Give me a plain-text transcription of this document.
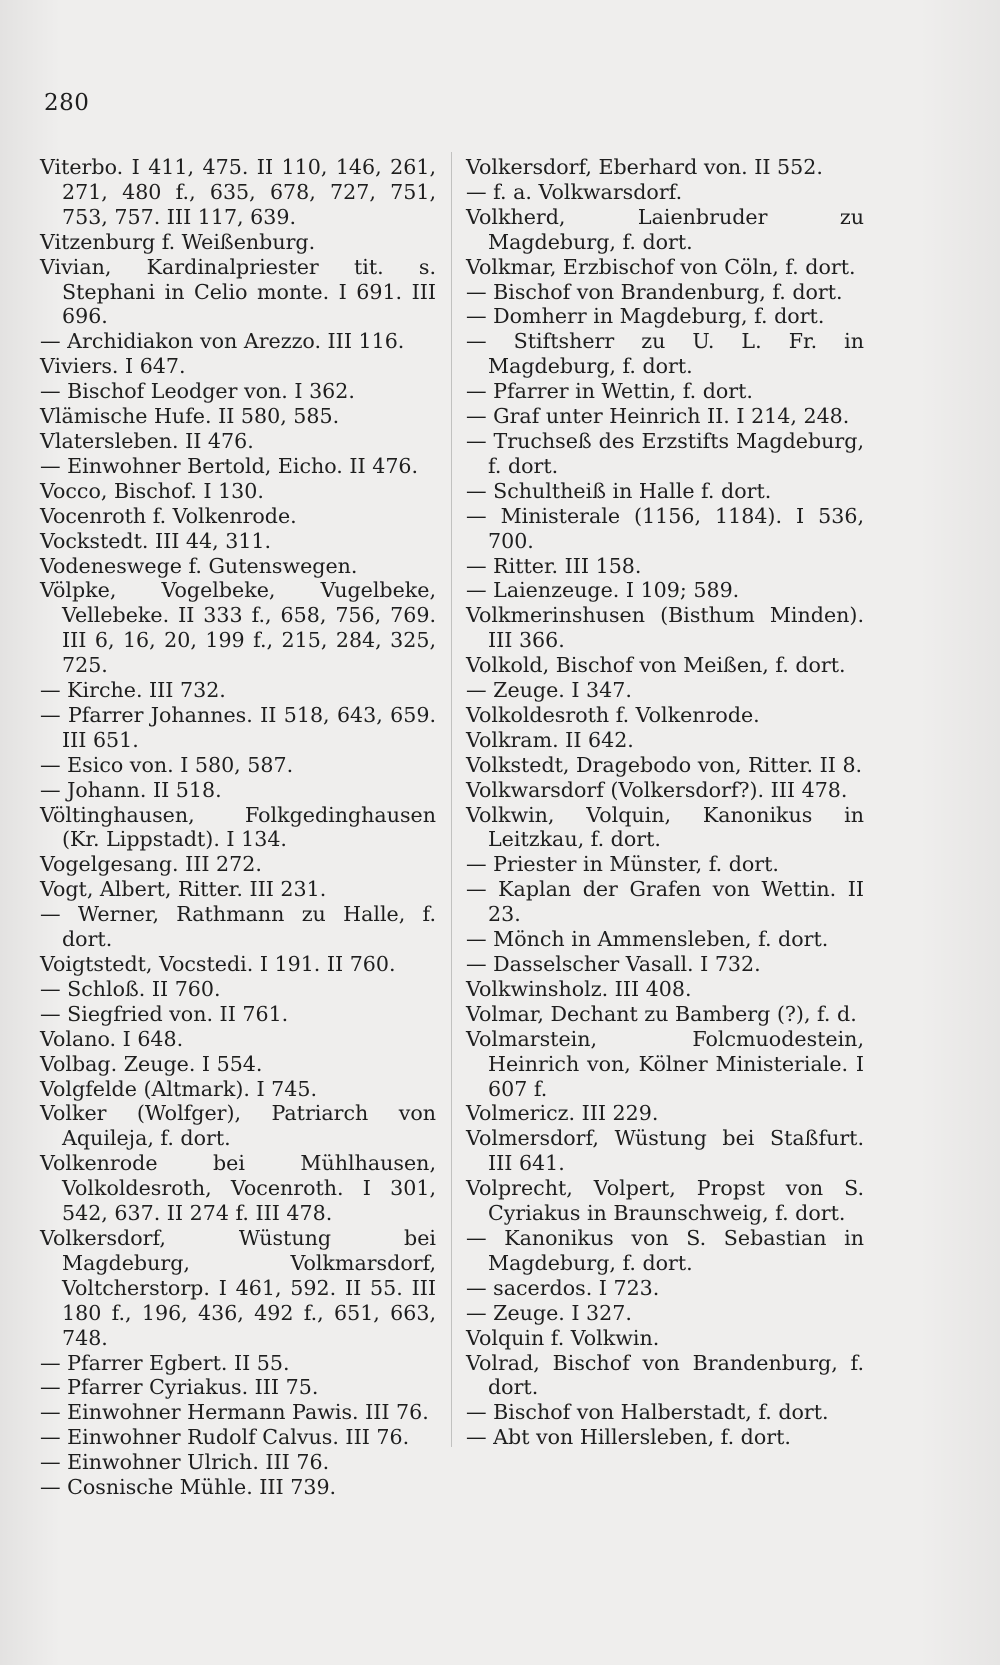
280

Viterbo. I 411, 475. II 110, 146, 261, 271, 480 f., 635, 678, 727, 751, 753, 757. III 117, 639.

Vitzenburg f. Weißenburg.

Vivian, Kardinalpriester tit. s. Stephani in Celio monte. I 691. III 696.

— Archidiakon von Arezzo. III 116.

Viviers. I 647.

— Bischof Leodger von. I 362.

Vlämische Hufe. II 580, 585.

Vlatersleben. II 476.

— Einwohner Bertold, Eicho. II 476.

Vocco, Bischof. I 130.

Vocenroth f. Volkenrode.

Vockstedt. III 44, 311.

Vodeneswege f. Gutenswegen.

Völpke, Vogelbeke, Vugelbeke, Vellebeke. II 333 f., 658, 756, 769. III 6, 16, 20, 199 f., 215, 284, 325, 725.

— Kirche. III 732.

— Pfarrer Johannes. II 518, 643, 659. III 651.

— Esico von. I 580, 587.

— Johann. II 518.

Völtinghausen, Folkgedinghausen (Kr. Lippstadt). I 134.

Vogelgesang. III 272.

Vogt, Albert, Ritter. III 231.

— Werner, Rathmann zu Halle, f. dort.

Voigtstedt, Vocstedi. I 191. II 760.

— Schloß. II 760.

— Siegfried von. II 761.

Volano. I 648.

Volbag. Zeuge. I 554.

Volgfelde (Altmark). I 745.

Volker (Wolfger), Patriarch von Aquileja, f. dort.

Volkenrode bei Mühlhausen, Volkoldesroth, Vocenroth. I 301, 542, 637. II 274 f. III 478.

Volkersdorf, Wüstung bei Magdeburg, Volkmarsdorf, Voltcherstorp. I 461, 592. II 55. III 180 f., 196, 436, 492 f., 651, 663, 748.

— Pfarrer Egbert. II 55.

— Pfarrer Cyriakus. III 75.

— Einwohner Hermann Pawis. III 76.

— Einwohner Rudolf Calvus. III 76.

— Einwohner Ulrich. III 76.

— Cosnische Mühle. III 739.

Volkersdorf, Eberhard von. II 552.

— f. a. Volkwarsdorf.

Volkherd, Laienbruder zu Magdeburg, f. dort.

Volkmar, Erzbischof von Cöln, f. dort.

— Bischof von Brandenburg, f. dort.

— Domherr in Magdeburg, f. dort.

— Stiftsherr zu U. L. Fr. in Magdeburg, f. dort.

— Pfarrer in Wettin, f. dort.

— Graf unter Heinrich II. I 214, 248.

— Truchseß des Erzstifts Magdeburg, f. dort.

— Schultheiß in Halle f. dort.

— Ministerale (1156, 1184). I 536, 700.

— Ritter. III 158.

— Laienzeuge. I 109; 589.

Volkmerinshusen (Bisthum Minden). III 366.

Volkold, Bischof von Meißen, f. dort.

— Zeuge. I 347.

Volkoldesroth f. Volkenrode.

Volkram. II 642.

Volkstedt, Dragebodo von, Ritter. II 8.

Volkwarsdorf (Volkersdorf?). III 478.

Volkwin, Volquin, Kanonikus in Leitzkau, f. dort.

— Priester in Münster, f. dort.

— Kaplan der Grafen von Wettin. II 23.

— Mönch in Ammensleben, f. dort.

— Dasselscher Vasall. I 732.

Volkwinsholz. III 408.

Volmar, Dechant zu Bamberg (?), f. d.

Volmarstein, Folcmuodestein, Heinrich von, Kölner Ministeriale. I 607 f.

Volmericz. III 229.

Volmersdorf, Wüstung bei Staßfurt. III 641.

Volprecht, Volpert, Propst von S. Cyriakus in Braunschweig, f. dort.

— Kanonikus von S. Sebastian in Magdeburg, f. dort.

— sacerdos. I 723.

— Zeuge. I 327.

Volquin f. Volkwin.

Volrad, Bischof von Brandenburg, f. dort.

— Bischof von Halberstadt, f. dort.

— Abt von Hillersleben, f. dort.
